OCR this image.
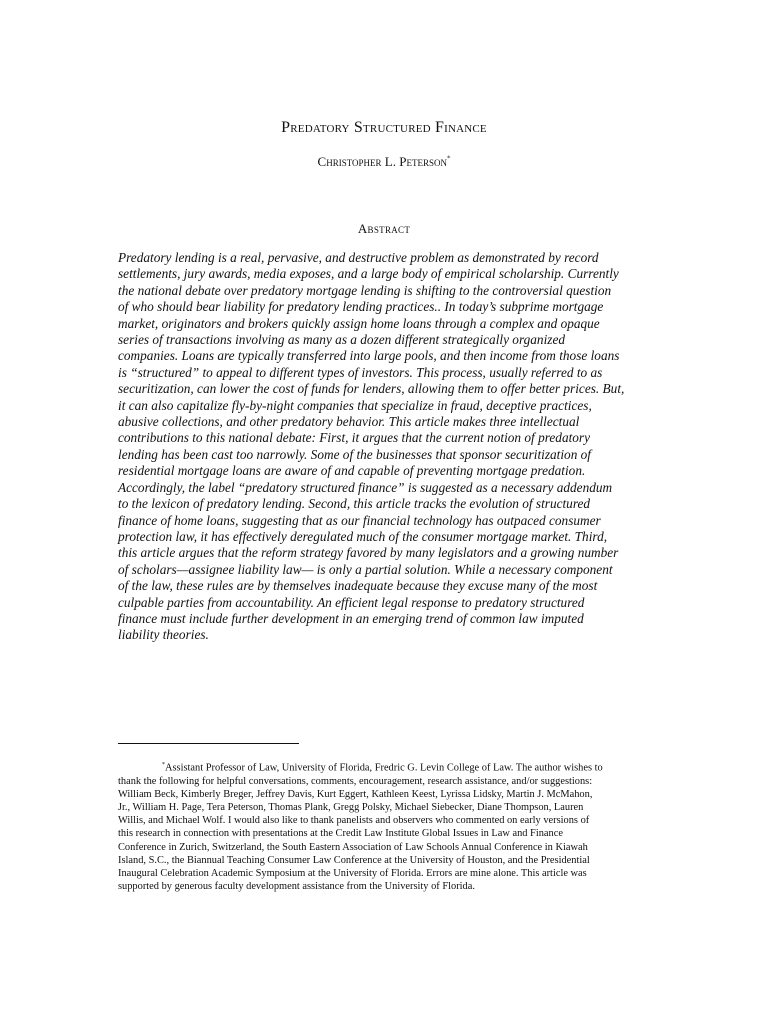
Predatory Structured Finance
Christopher L. Peterson*
Abstract
Predatory lending is a real, pervasive, and destructive problem as demonstrated by record
settlements, jury awards, media exposes, and a large body of empirical scholarship. Currently
the national debate over predatory mortgage lending is shifting to the controversial question
of who should bear liability for predatory lending practices.. In today’s subprime mortgage
market, originators and brokers quickly assign home loans through a complex and opaque
series of transactions involving as many as a dozen different strategically organized
companies. Loans are typically transferred into large pools, and then income from those loans
is “structured” to appeal to different types of investors. This process, usually referred to as
securitization, can lower the cost of funds for lenders, allowing them to offer better prices. But,
it can also capitalize fly-by-night companies that specialize in fraud, deceptive practices,
abusive collections, and other predatory behavior. This article makes three intellectual
contributions to this national debate: First, it argues that the current notion of predatory
lending has been cast too narrowly. Some of the businesses that sponsor securitization of
residential mortgage loans are aware of and capable of preventing mortgage predation.
Accordingly, the label “predatory structured finance” is suggested as a necessary addendum
to the lexicon of predatory lending. Second, this article tracks the evolution of structured
finance of home loans, suggesting that as our financial technology has outpaced consumer
protection law, it has effectively deregulated much of the consumer mortgage market. Third,
this article argues that the reform strategy favored by many legislators and a growing number
of scholars—assignee liability law— is only a partial solution. While a necessary component
of the law, these rules are by themselves inadequate because they excuse many of the most
culpable parties from accountability. An efficient legal response to predatory structured
finance must include further development in an emerging trend of common law imputed
liability theories.
*Assistant Professor of Law, University of Florida, Fredric G. Levin College of Law. The author wishes to
thank the following for helpful conversations, comments, encouragement, research assistance, and/or suggestions:
William Beck, Kimberly Breger, Jeffrey Davis, Kurt Eggert, Kathleen Keest, Lyrissa Lidsky, Martin J. McMahon,
Jr., William H. Page, Tera Peterson, Thomas Plank, Gregg Polsky, Michael Siebecker, Diane Thompson, Lauren
Willis, and Michael Wolf. I would also like to thank panelists and observers who commented on early versions of
this research in connection with presentations at the Credit Law Institute Global Issues in Law and Finance
Conference in Zurich, Switzerland, the South Eastern Association of Law Schools Annual Conference in Kiawah
Island, S.C., the Biannual Teaching Consumer Law Conference at the University of Houston, and the Presidential
Inaugural Celebration Academic Symposium at the University of Florida. Errors are mine alone. This article was
supported by generous faculty development assistance from the University of Florida.
